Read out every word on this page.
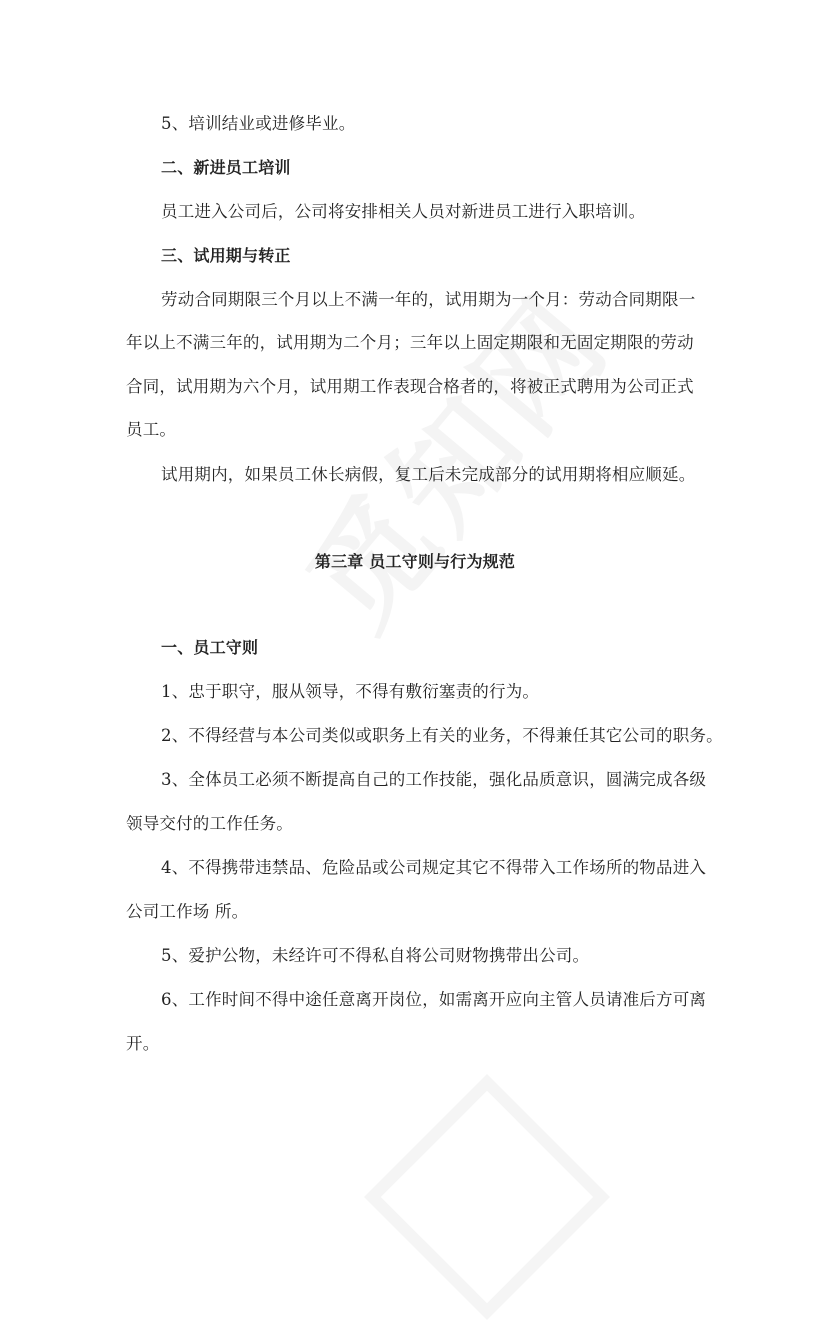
5、培训结业或进修毕业。
二、新进员工培训
员工进入公司后，公司将安排相关人员对新进员工进行入职培训。
三、试用期与转正
劳动合同期限三个月以上不满一年的，试用期为一个月：劳动合同期限一
年以上不满三年的，试用期为二个月；三年以上固定期限和无固定期限的劳动
合同，试用期为六个月，试用期工作表现合格者的，将被正式聘用为公司正式
员工。
试用期内，如果员工休长病假，复工后未完成部分的试用期将相应顺延。
第三章 员工守则与行为规范
一、员工守则
1、忠于职守，服从领导，不得有敷衍塞责的行为。
2、不得经营与本公司类似或职务上有关的业务，不得兼任其它公司的职务。
3、全体员工必须不断提高自己的工作技能，强化品质意识，圆满完成各级
领导交付的工作任务。
4、不得携带违禁品、危险品或公司规定其它不得带入工作场所的物品进入
公司工作场 所。
5、爱护公物，未经许可不得私自将公司财物携带出公司。
6、工作时间不得中途任意离开岗位，如需离开应向主管人员请准后方可离
开。
